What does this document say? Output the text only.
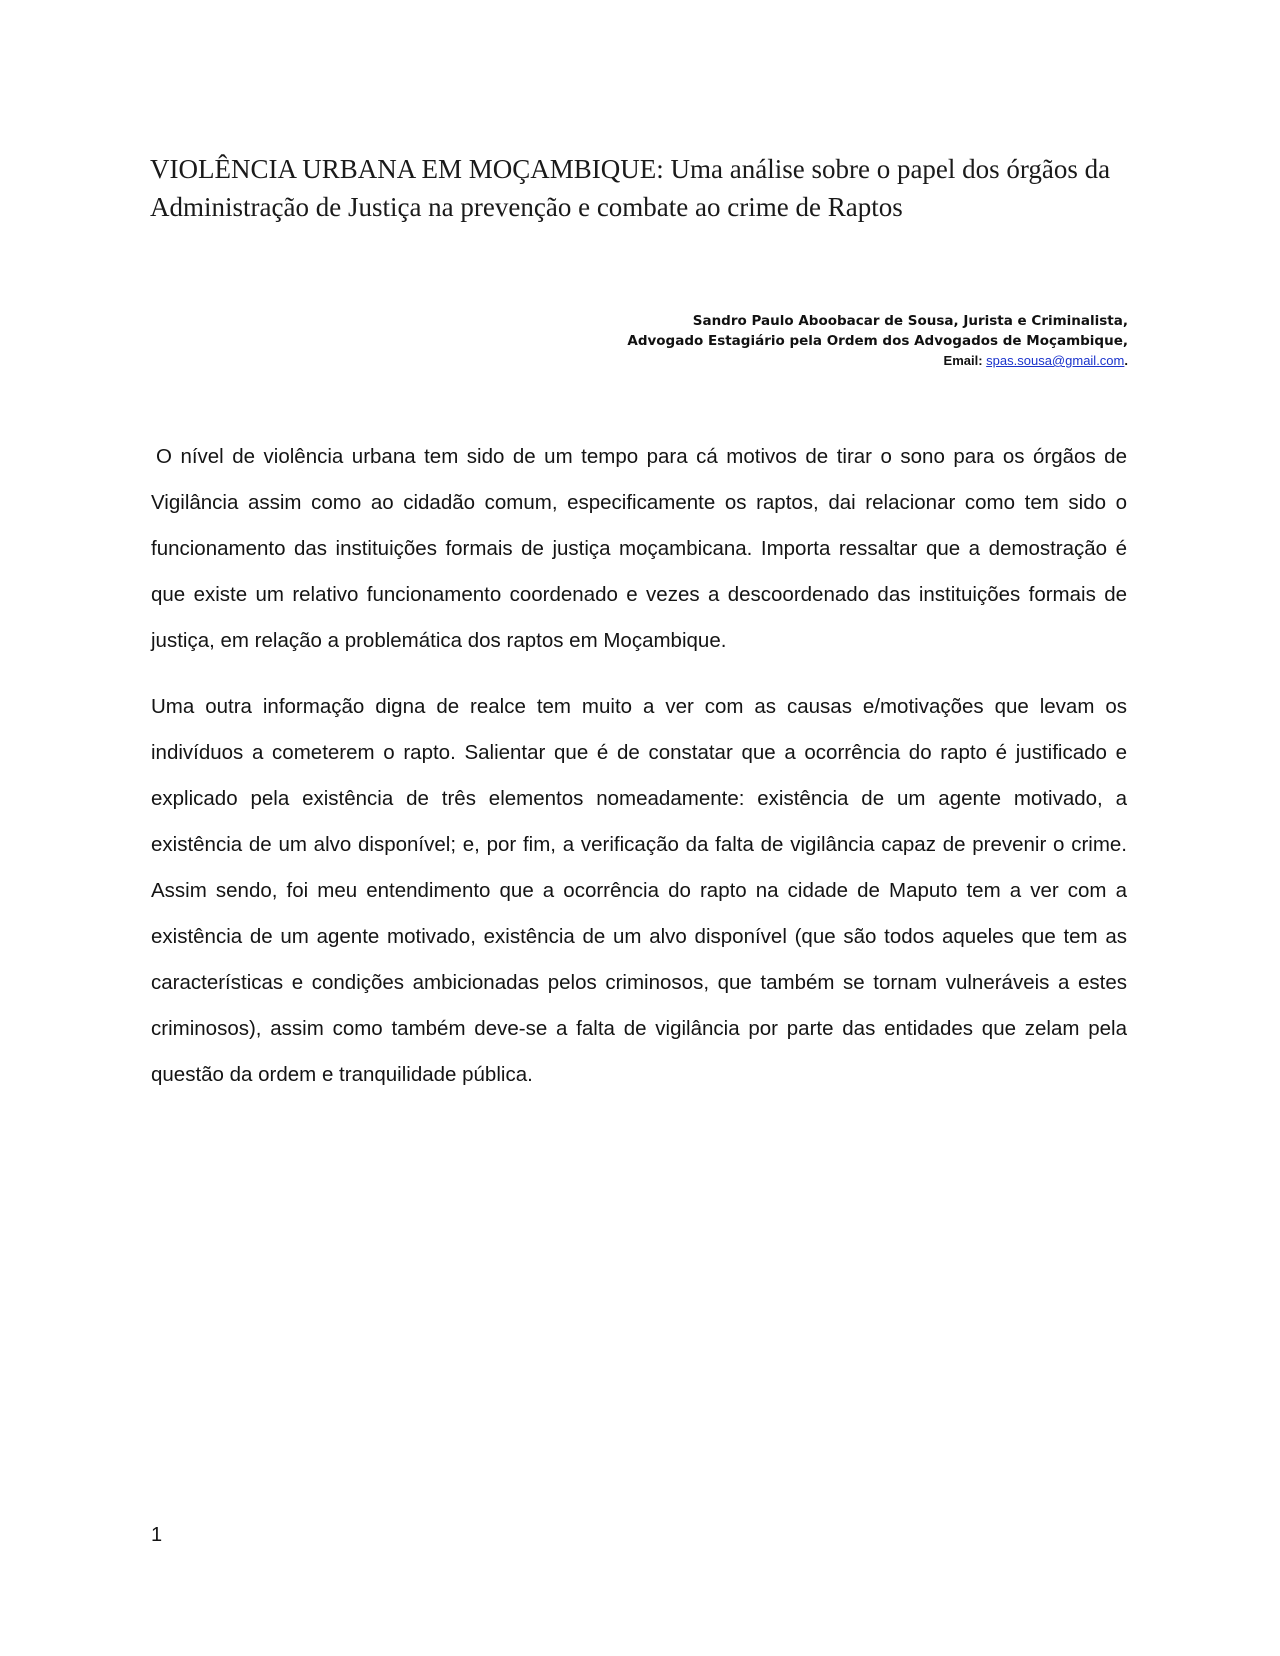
VIOLÊNCIA URBANA EM MOÇAMBIQUE: Uma análise sobre o papel dos órgãos da Administração de Justiça na prevenção e combate ao crime de Raptos
Sandro Paulo Aboobacar de Sousa, Jurista e Criminalista,
Advogado Estagiário pela Ordem dos Advogados de Moçambique,
Email: spas.sousa@gmail.com.

O nível de violência urbana tem sido de um tempo para cá motivos de tirar o sono para os órgãos de Vigilância assim como ao cidadão comum, especificamente os raptos, dai relacionar como tem sido o funcionamento das instituições formais de justiça moçambicana. Importa ressaltar que a demostração é que existe um relativo funcionamento coordenado e vezes a descoordenado das instituições formais de justiça, em relação a problemática dos raptos em Moçambique.

Uma outra informação digna de realce tem muito a ver com as causas e/motivações que levam os indivíduos a cometerem o rapto. Salientar que é de constatar que a ocorrência do rapto é justificado e explicado pela existência de três elementos nomeadamente: existência de um agente motivado, a existência de um alvo disponível; e, por fim, a verificação da falta de vigilância capaz de prevenir o crime. Assim sendo, foi meu entendimento que a ocorrência do rapto na cidade de Maputo tem a ver com a existência de um agente motivado, existência de um alvo disponível (que são todos aqueles que tem as características e condições ambicionadas pelos criminosos, que também se tornam vulneráveis a estes criminosos), assim como também deve-se a falta de vigilância por parte das entidades que zelam pela questão da ordem e tranquilidade pública.

1
